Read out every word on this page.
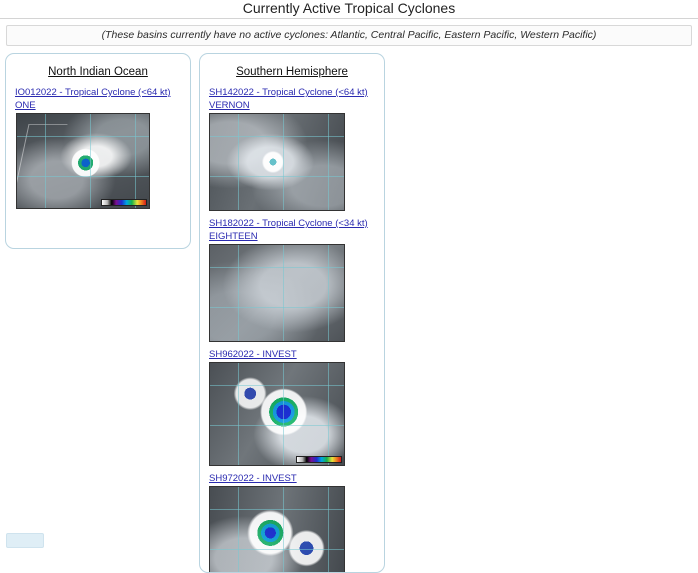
Currently Active Tropical Cyclones
(These basins currently have no active cyclones: Atlantic, Central Pacific, Eastern Pacific, Western Pacific)
North Indian Ocean
IO012022 - Tropical Cyclone (<64 kt)
ONE
Southern Hemisphere
SH142022 - Tropical Cyclone (<64 kt)
VERNON
SH182022 - Tropical Cyclone (<34 kt)
EIGHTEEN
SH962022 - INVEST
SH972022 - INVEST
